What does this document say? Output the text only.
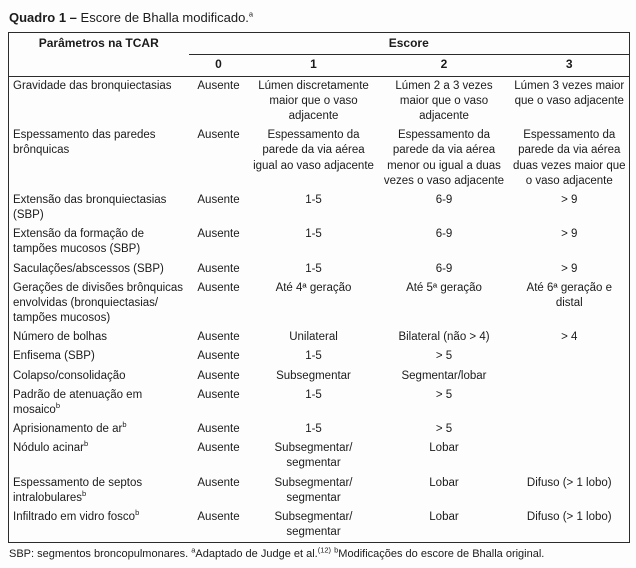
Quadro 1 – Escore de Bhalla modificado.$^a$

Parâmetros na TCAR	Escore			
	0	1	2	3
Gravidade das bronquiectasias	Ausente	Lúmen discretamente maior que o vaso adjacente	Lúmen 2 a 3 vezes maior que o vaso adjacente	Lúmen 3 vezes maior que o vaso adjacente
Espessamento das paredes brônquicas	Ausente	Espessamento da parede da via aérea igual ao vaso adjacente	Espessamento da parede da via aérea menor ou igual a duas vezes o vaso adjacente	Espessamento da parede da via aérea duas vezes maior que o vaso adjacente
Extensão das bronquiectasias (SBP)	Ausente	1-5	6-9	> 9
Extensão da formação de tampões mucosos (SBP)	Ausente	1-5	6-9	> 9
Saculações/abscessos (SBP)	Ausente	1-5	6-9	> 9
Gerações de divisões brônquicas envolvidas (bronquiectasias/ tampões mucosos)	Ausente	Até 4ª geração	Até 5ª geração	Até 6ª geração e distal
Número de bolhas	Ausente	Unilateral	Bilateral (não > 4)	> 4
Enfisema (SBP)	Ausente	1-5	> 5	
Colapso/consolidação	Ausente	Subsegmentar	Segmentar/lobar	
Padrão de atenuação em mosaico$^b$	Ausente	1-5	> 5	
Aprisionamento de $ar^b$	Ausente	1-5	> 5	
Nódulo acinar$^b$	Ausente	Subsegmentar/ segmentar	Lobar	
Espessamento de septos intralobulares$^b$	Ausente	Subsegmentar/ segmentar	Lobar	Difuso (> 1 lobo)
Infiltrado em vidro fosco$^b$	Ausente	Subsegmentar/ segmentar	Lobar	Difuso (> 1 lobo)

SBP: segmentos broncopulmonares. $^a$Adaptado de Judge et al.$^{(12)}$ $^b$Modificações do escore de Bhalla original.
